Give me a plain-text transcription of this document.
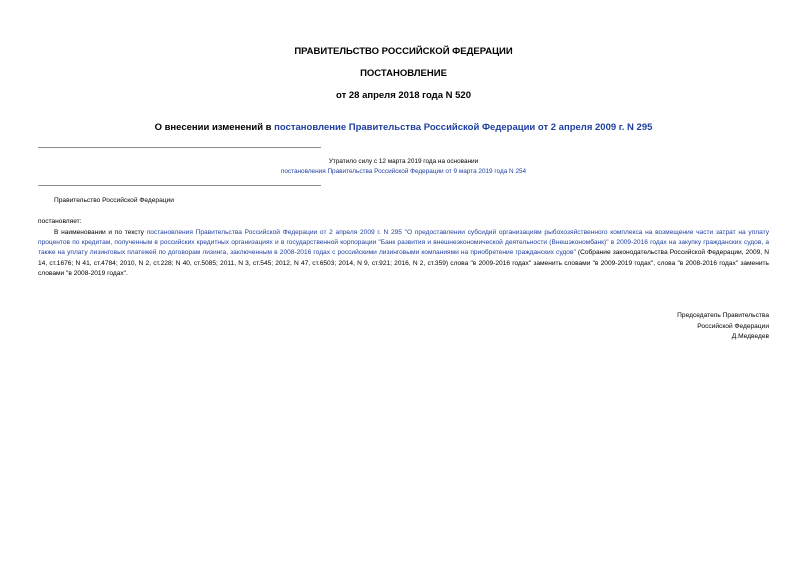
ПРАВИТЕЛЬСТВО РОССИЙСКОЙ ФЕДЕРАЦИИ
ПОСТАНОВЛЕНИЕ
от 28 апреля 2018 года N 520
О внесении изменений в постановление Правительства Российской Федерации от 2 апреля 2009 г. N 295
Утратило силу с 12 марта 2019 года на основании
постановления Правительства Российской Федерации от 9 марта 2019 года N 254
Правительство Российской Федерации
постановляет:
В наименовании и по тексту постановления Правительства Российской Федерации от 2 апреля 2009 г. N 295 "О предоставлении субсидий организациям рыбохозяйственного комплекса на возмещение части затрат на уплату процентов по кредитам, полученным в российских кредитных организациях и в государственной корпорации "Банк развития и внешнеэкономической деятельности (Внешэкономбанк)" в 2009-2016 годах на закупку гражданских судов, а также на уплату лизинговых платежей по договорам лизинга, заключенным в 2008-2016 годах с российскими лизинговыми компаниями на приобретение гражданских судов" (Собрание законодательства Российской Федерации, 2009, N 14, ст.1676; N 41, ст.4784; 2010, N 2, ст.228; N 40, ст.5085; 2011, N 3, ст.545; 2012, N 47, ст.6503; 2014, N 9, ст.921; 2016, N 2, ст.359) слова "в 2009-2016 годах" заменить словами "в 2009-2019 годах", слова "в 2008-2016 годах" заменить словами "в 2008-2019 годах".
Председатель Правительства
Российской Федерации
Д.Медведев
